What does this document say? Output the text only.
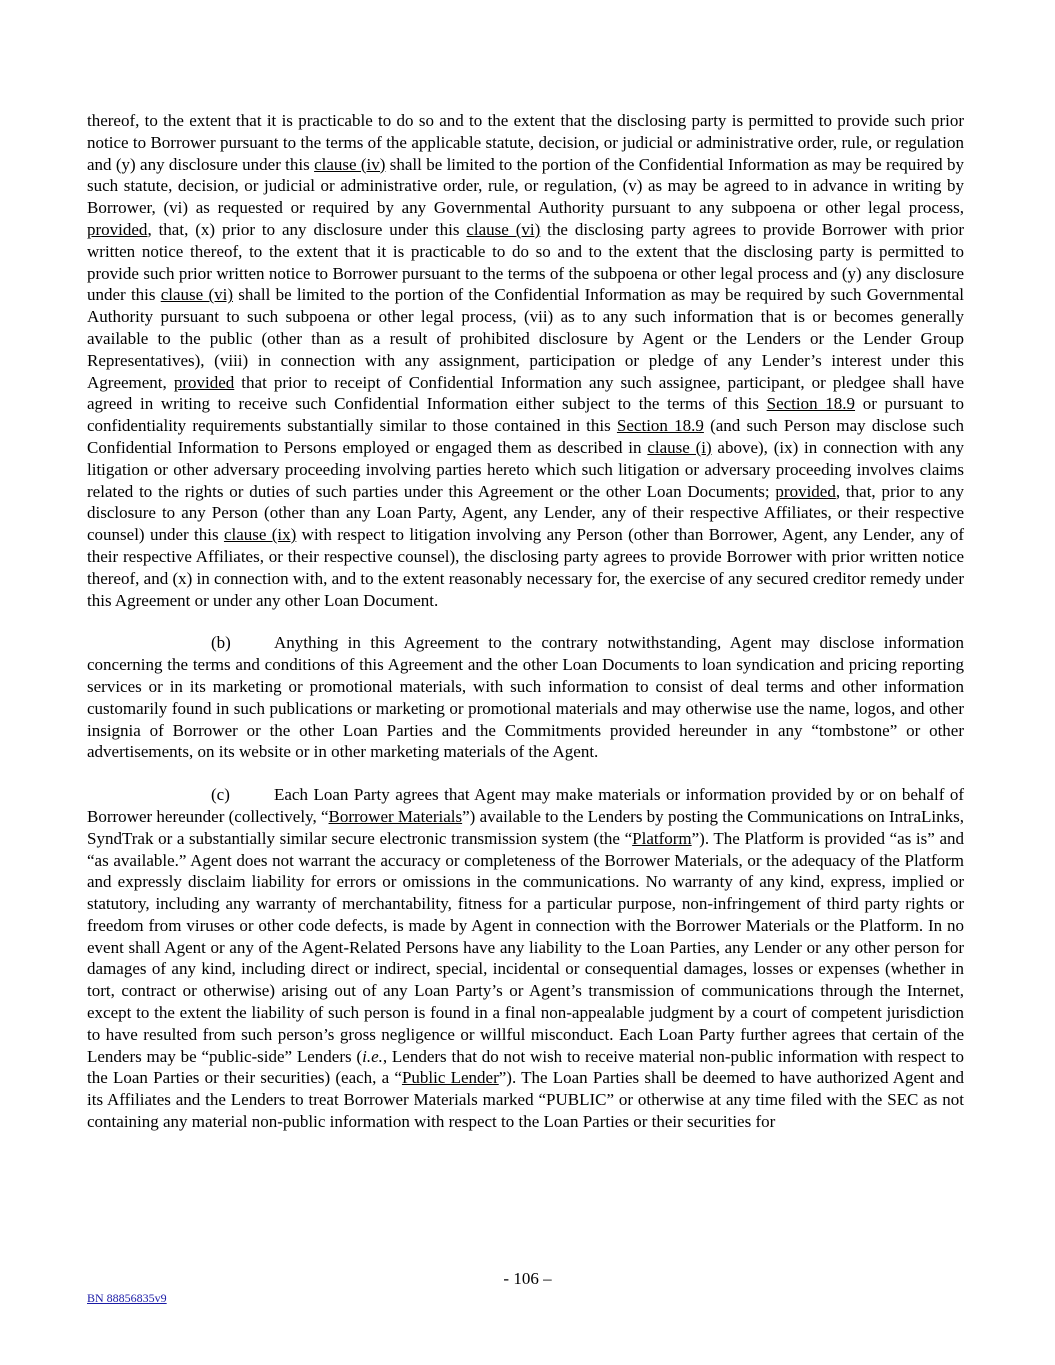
thereof, to the extent that it is practicable to do so and to the extent that the disclosing party is permitted to provide such prior notice to Borrower pursuant to the terms of the applicable statute, decision, or judicial or administrative order, rule, or regulation and (y) any disclosure under this clause (iv) shall be limited to the portion of the Confidential Information as may be required by such statute, decision, or judicial or administrative order, rule, or regulation, (v) as may be agreed to in advance in writing by Borrower, (vi) as requested or required by any Governmental Authority pursuant to any subpoena or other legal process, provided, that, (x) prior to any disclosure under this clause (vi) the disclosing party agrees to provide Borrower with prior written notice thereof, to the extent that it is practicable to do so and to the extent that the disclosing party is permitted to provide such prior written notice to Borrower pursuant to the terms of the subpoena or other legal process and (y) any disclosure under this clause (vi) shall be limited to the portion of the Confidential Information as may be required by such Governmental Authority pursuant to such subpoena or other legal process, (vii) as to any such information that is or becomes generally available to the public (other than as a result of prohibited disclosure by Agent or the Lenders or the Lender Group Representatives), (viii) in connection with any assignment, participation or pledge of any Lender’s interest under this Agreement, provided that prior to receipt of Confidential Information any such assignee, participant, or pledgee shall have agreed in writing to receive such Confidential Information either subject to the terms of this Section 18.9 or pursuant to confidentiality requirements substantially similar to those contained in this Section 18.9 (and such Person may disclose such Confidential Information to Persons employed or engaged them as described in clause (i) above), (ix) in connection with any litigation or other adversary proceeding involving parties hereto which such litigation or adversary proceeding involves claims related to the rights or duties of such parties under this Agreement or the other Loan Documents; provided, that, prior to any disclosure to any Person (other than any Loan Party, Agent, any Lender, any of their respective Affiliates, or their respective counsel) under this clause (ix) with respect to litigation involving any Person (other than Borrower, Agent, any Lender, any of their respective Affiliates, or their respective counsel), the disclosing party agrees to provide Borrower with prior written notice thereof, and (x) in connection with, and to the extent reasonably necessary for, the exercise of any secured creditor remedy under this Agreement or under any other Loan Document.

(b)	Anything in this Agreement to the contrary notwithstanding, Agent may disclose information concerning the terms and conditions of this Agreement and the other Loan Documents to loan syndication and pricing reporting services or in its marketing or promotional materials, with such information to consist of deal terms and other information customarily found in such publications or marketing or promotional materials and may otherwise use the name, logos, and other insignia of Borrower or the other Loan Parties and the Commitments provided hereunder in any “tombstone” or other advertisements, on its website or in other marketing materials of the Agent.

(c)	Each Loan Party agrees that Agent may make materials or information provided by or on behalf of Borrower hereunder (collectively, “Borrower Materials”) available to the Lenders by posting the Communications on IntraLinks, SyndTrak or a substantially similar secure electronic transmission system (the “Platform”). The Platform is provided “as is” and “as available.” Agent does not warrant the accuracy or completeness of the Borrower Materials, or the adequacy of the Platform and expressly disclaim liability for errors or omissions in the communications. No warranty of any kind, express, implied or statutory, including any warranty of merchantability, fitness for a particular purpose, non-infringement of third party rights or freedom from viruses or other code defects, is made by Agent in connection with the Borrower Materials or the Platform. In no event shall Agent or any of the Agent-Related Persons have any liability to the Loan Parties, any Lender or any other person for damages of any kind, including direct or indirect, special, incidental or consequential damages, losses or expenses (whether in tort, contract or otherwise) arising out of any Loan Party’s or Agent’s transmission of communications through the Internet, except to the extent the liability of such person is found in a final non-appealable judgment by a court of competent jurisdiction to have resulted from such person’s gross negligence or willful misconduct. Each Loan Party further agrees that certain of the Lenders may be “public-side” Lenders (i.e., Lenders that do not wish to receive material non-public information with respect to the Loan Parties or their securities) (each, a “Public Lender”). The Loan Parties shall be deemed to have authorized Agent and its Affiliates and the Lenders to treat Borrower Materials marked “PUBLIC” or otherwise at any time filed with the SEC as not containing any material non-public information with respect to the Loan Parties or their securities for

- 106 –
BN 88856835v9
